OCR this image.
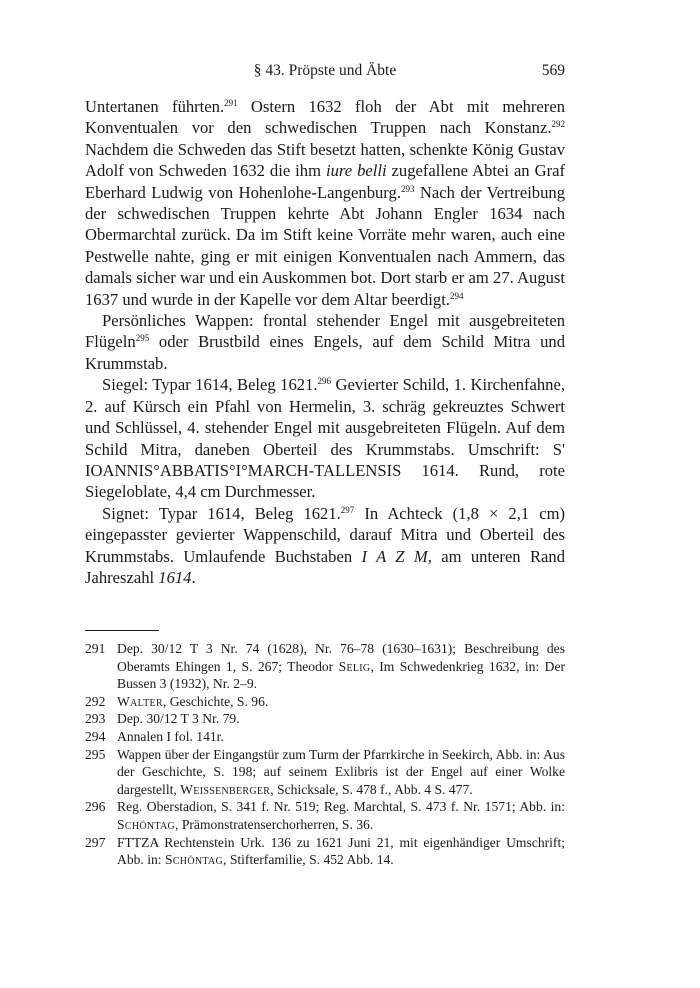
§ 43. Pröpste und Äbte	569

Untertanen führten.$^{291}$ Ostern 1632 floh der Abt mit mehreren Konventualen vor den schwedischen Truppen nach Konstanz.$^{292}$ Nachdem die Schweden das Stift besetzt hatten, schenkte König Gustav Adolf von Schweden 1632 die ihm iure belli zugefallene Abtei an Graf Eberhard Ludwig von Hohenlohe-Langenburg.$^{293}$ Nach der Vertreibung der schwedischen Truppen kehrte Abt Johann Engler 1634 nach Obermarchtal zurück. Da im Stift keine Vorräte mehr waren, auch eine Pestwelle nahte, ging er mit einigen Konventualen nach Ammern, das damals sicher war und ein Auskommen bot. Dort starb er am 27. August 1637 und wurde in der Kapelle vor dem Altar beerdigt.$^{294}$

Persönliches Wappen: frontal stehender Engel mit ausgebreiteten Flügeln$^{295}$ oder Brustbild eines Engels, auf dem Schild Mitra und Krummstab.

Siegel: Typar 1614, Beleg 1621.$^{296}$ Gevierter Schild, 1. Kirchenfahne, 2. auf Kürsch ein Pfahl von Hermelin, 3. schräg gekreuztes Schwert und Schlüssel, 4. stehender Engel mit ausgebreiteten Flügeln. Auf dem Schild Mitra, daneben Oberteil des Krummstabs. Umschrift: S' IOANNIS°ABBATIS°I°MARCH-TALLENSIS 1614. Rund, rote Siegeloblate, 4,4 cm Durchmesser.

Signet: Typar 1614, Beleg 1621.$^{297}$ In Achteck (1,8 × 2,1 cm) eingepasster gevierter Wappenschild, darauf Mitra und Oberteil des Krummstabs. Umlaufende Buchstaben I A Z M, am unteren Rand Jahreszahl 1614.

291 Dep. 30/12 T 3 Nr. 74 (1628), Nr. 76–78 (1630–1631); Beschreibung des Oberamts Ehingen 1, S. 267; Theodor Selig, Im Schwedenkrieg 1632, in: Der Bussen 3 (1932), Nr. 2–9.
292 Walter, Geschichte, S. 96.
293 Dep. 30/12 T 3 Nr. 79.
294 Annalen I fol. 141r.
295 Wappen über der Eingangstür zum Turm der Pfarrkirche in Seekirch, Abb. in: Aus der Geschichte, S. 198; auf seinem Exlibris ist der Engel auf einer Wolke dargestellt, Weissenberger, Schicksale, S. 478 f., Abb. 4 S. 477.
296 Reg. Oberstadion, S. 341 f. Nr. 519; Reg. Marchtal, S. 473 f. Nr. 1571; Abb. in: Schöntag, Prämonstratenserchorherren, S. 36.
297 FTTZA Rechtenstein Urk. 136 zu 1621 Juni 21, mit eigenhändiger Umschrift; Abb. in: Schöntag, Stifterfamilie, S. 452 Abb. 14.
